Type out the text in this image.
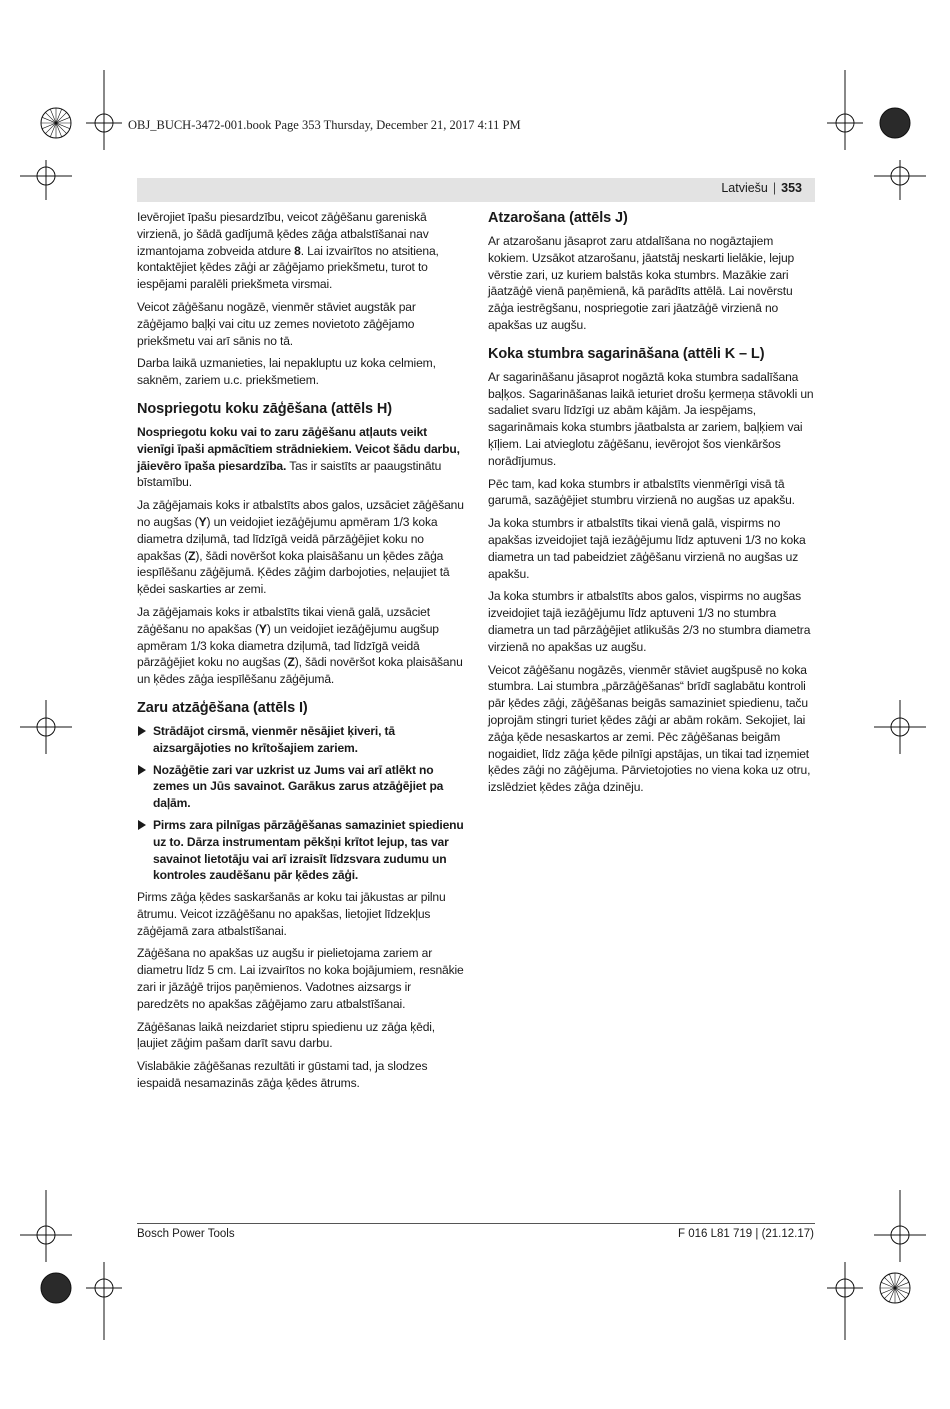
OBJ_BUCH-3472-001.book Page 353 Thursday, December 21, 2017 4:11 PM
Latviešu | 353

Ievērojiet īpašu piesardzību, veicot zāģēšanu gareniskā virzienā, jo šādā gadījumā ķēdes zāģa atbalstīšanai nav izmantojama zobveida atdure 8. Lai izvairītos no atsitiena, kontaktējiet ķēdes zāģi ar zāģējamo priekšmetu, turot to iespējami paralēli priekšmeta virsmai.

Veicot zāģēšanu nogāzē, vienmēr stāviet augstāk par zāģējamo baļķi vai citu uz zemes novietoto zāģējamo priekšmetu vai arī sānis no tā.

Darba laikā uzmanieties, lai nepakluptu uz koka celmiem, saknēm, zariem u.c. priekšmetiem.

Nospriegotu koku zāģēšana (attēls H)

Nospriegotu koku vai to zaru zāģēšanu atļauts veikt vienīgi īpaši apmācītiem strādniekiem. Veicot šādu darbu, jāievēro īpaša piesardzība. Tas ir saistīts ar paaugstinātu bīstamību.

Ja zāģējamais koks ir atbalstīts abos galos, uzsāciet zāģēšanu no augšas (Y) un veidojiet iezāģējumu apmēram 1/3 koka diametra dziļumā, tad līdzīgā veidā pārzāģējiet koku no apakšas (Z), šādi novēršot koka plaisāšanu un ķēdes zāģa iespīlēšanu zāģējumā. Ķēdes zāģim darbojoties, neļaujiet tā ķēdei saskarties ar zemi.

Ja zāģējamais koks ir atbalstīts tikai vienā galā, uzsāciet zāģēšanu no apakšas (Y) un veidojiet iezāģējumu augšup apmēram 1/3 koka diametra dziļumā, tad līdzīgā veidā pārzāģējiet koku no augšas (Z), šādi novēršot koka plaisāšanu un ķēdes zāģa iespīlēšanu zāģējumā.

Zaru atzāģēšana (attēls I)
Strādājot cirsmā, vienmēr nēsājiet ķiveri, tā aizsargājoties no krītošajiem zariem.
Nozāģētie zari var uzkrist uz Jums vai arī atlēkt no zemes un Jūs savainot. Garākus zarus atzāģējiet pa daļām.
Pirms zara pilnīgas pārzāģēšanas samaziniet spiedienu uz to. Dārza instrumentam pēkšņi krītot lejup, tas var savainot lietotāju vai arī izraisīt līdzsvara zudumu un kontroles zaudēšanu pār ķēdes zāģi.

Pirms zāģa ķēdes saskaršanās ar koku tai jākustas ar pilnu ātrumu. Veicot izzāģēšanu no apakšas, lietojiet līdzekļus zāģējamā zara atbalstīšanai.

Zāģēšana no apakšas uz augšu ir pielietojama zariem ar diametru līdz 5 cm. Lai izvairītos no koka bojājumiem, resnākie zari ir jāzāģē trijos paņēmienos. Vadotnes aizsargs ir paredzēts no apakšas zāģējamo zaru atbalstīšanai.

Zāģēšanas laikā neizdariet stipru spiedienu uz zāģa ķēdi, ļaujiet zāģim pašam darīt savu darbu.

Vislabākie zāģēšanas rezultāti ir gūstami tad, ja slodzes iespaidā nesamazinās zāģa ķēdes ātrums.

Atzarošana (attēls J)

Ar atzarošanu jāsaprot zaru atdalīšana no nogāztajiem kokiem. Uzsākot atzarošanu, jāatstāj neskarti lielākie, lejup vērstie zari, uz kuriem balstās koka stumbrs. Mazākie zari jāatzāģē vienā paņēmienā, kā parādīts attēlā. Lai novērstu zāģa iestrēgšanu, nospriegotie zari jāatzāģē virzienā no apakšas uz augšu.

Koka stumbra sagarināšana (attēli K – L)

Ar sagarināšanu jāsaprot nogāztā koka stumbra sadalīšana baļķos. Sagarināšanas laikā ieturiet drošu ķermeņa stāvokli un sadaliet svaru līdzīgi uz abām kājām. Ja iespējams, sagarināmais koka stumbrs jāatbalsta ar zariem, baļķiem vai ķīļiem. Lai atvieglotu zāģēšanu, ievērojot šos vienkāršos norādījumus.

Pēc tam, kad koka stumbrs ir atbalstīts vienmērīgi visā tā garumā, sazāģējiet stumbru virzienā no augšas uz apakšu.

Ja koka stumbrs ir atbalstīts tikai vienā galā, vispirms no apakšas izveidojiet tajā iezāģējumu līdz aptuveni 1/3 no koka diametra un tad pabeidziet zāģēšanu virzienā no augšas uz apakšu.

Ja koka stumbrs ir atbalstīts abos galos, vispirms no augšas izveidojiet tajā iezāģējumu līdz aptuveni 1/3 no stumbra diametra un tad pārzāģējiet atlikušās 2/3 no stumbra diametra virzienā no apakšas uz augšu.

Veicot zāģēšanu nogāzēs, vienmēr stāviet augšpusē no koka stumbra. Lai stumbra „pārzāģēšanas“ brīdī saglabātu kontroli pār ķēdes zāģi, zāģēšanas beigās samaziniet spiedienu, taču joprojām stingri turiet ķēdes zāģi ar abām rokām. Sekojiet, lai zāģa ķēde nesaskartos ar zemi. Pēc zāģēšanas beigām nogaidiet, līdz zāģa ķēde pilnīgi apstājas, un tikai tad izņemiet ķēdes zāģi no zāģējuma. Pārvietojoties no viena koka uz otru, izslēdziet ķēdes zāģa dzinēju.

Bosch Power Tools	F 016 L81 719 | (21.12.17)
